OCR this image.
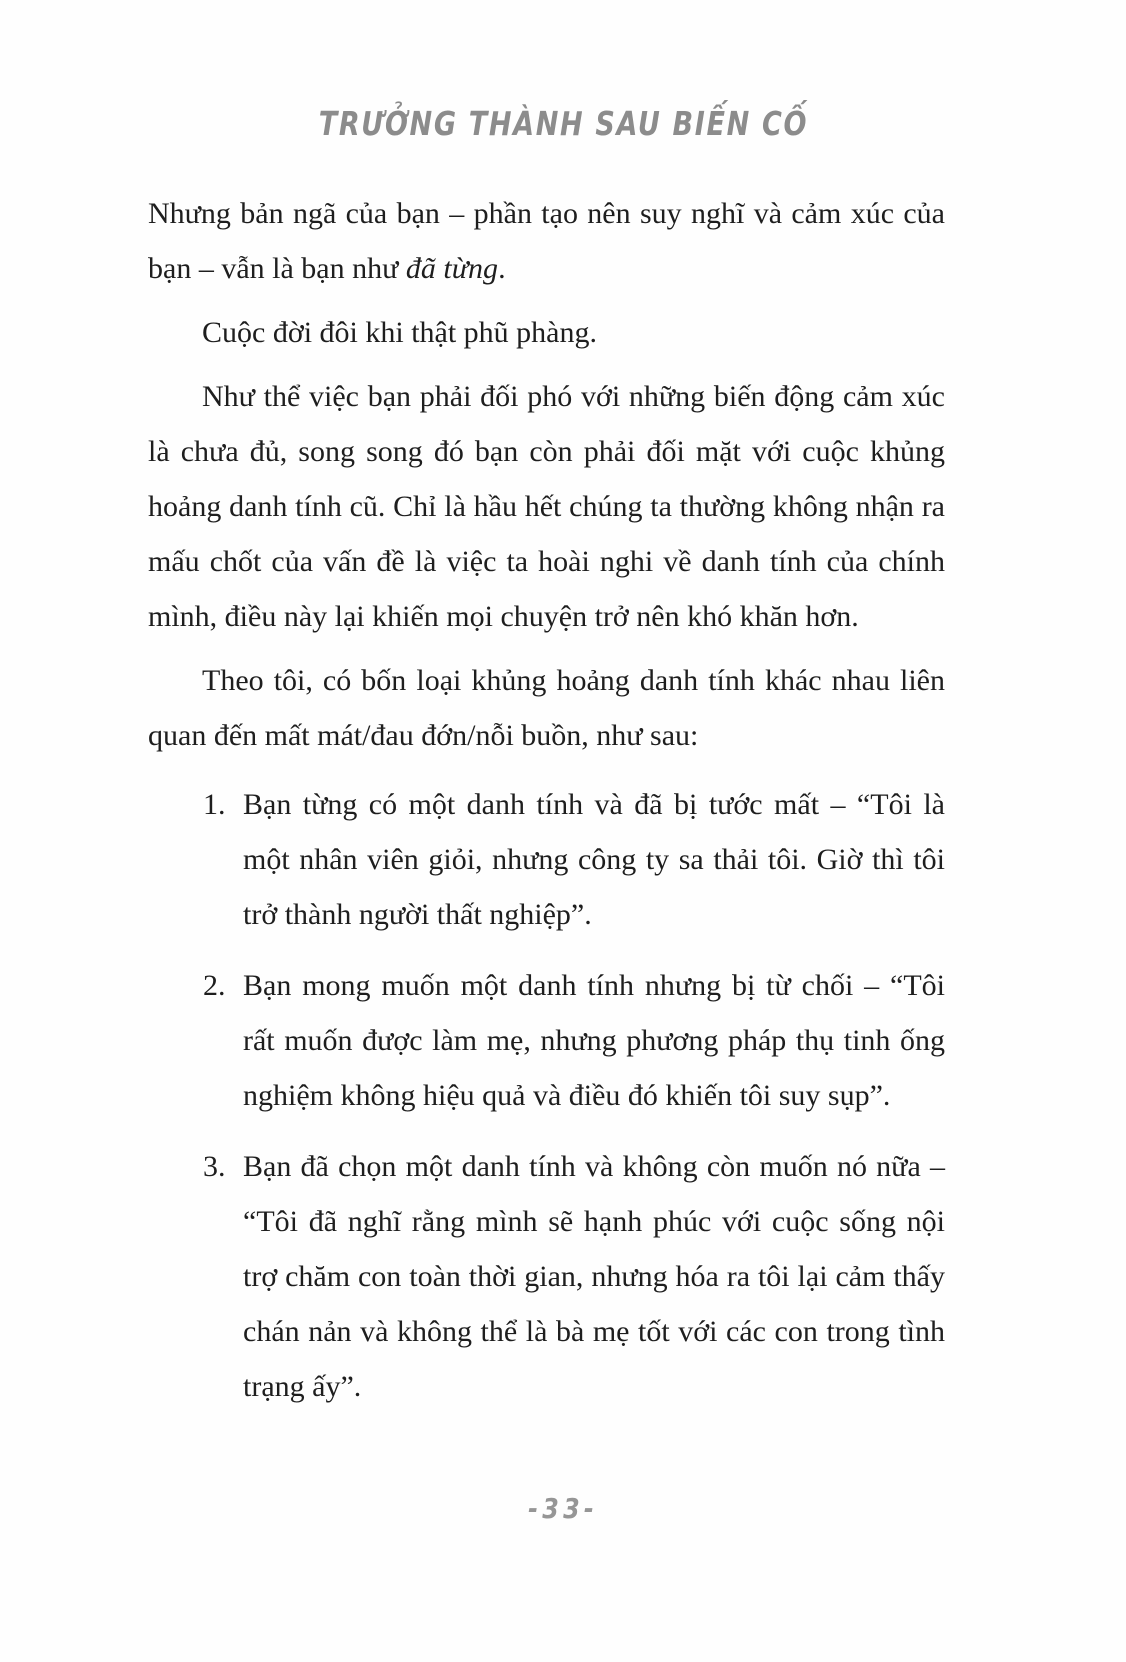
TRƯỞNG THÀNH SAU BIẾN CỐ

Nhưng bản ngã của bạn – phần tạo nên suy nghĩ và cảm xúc của bạn – vẫn là bạn như đã từng.

Cuộc đời đôi khi thật phũ phàng.

Như thể việc bạn phải đối phó với những biến động cảm xúc là chưa đủ, song song đó bạn còn phải đối mặt với cuộc khủng hoảng danh tính cũ. Chỉ là hầu hết chúng ta thường không nhận ra mấu chốt của vấn đề là việc ta hoài nghi về danh tính của chính mình, điều này lại khiến mọi chuyện trở nên khó khăn hơn.

Theo tôi, có bốn loại khủng hoảng danh tính khác nhau liên quan đến mất mát/đau đớn/nỗi buồn, như sau:

1. Bạn từng có một danh tính và đã bị tước mất – “Tôi là một nhân viên giỏi, nhưng công ty sa thải tôi. Giờ thì tôi trở thành người thất nghiệp”.
2. Bạn mong muốn một danh tính nhưng bị từ chối – “Tôi rất muốn được làm mẹ, nhưng phương pháp thụ tinh ống nghiệm không hiệu quả và điều đó khiến tôi suy sụp”.
3. Bạn đã chọn một danh tính và không còn muốn nó nữa – “Tôi đã nghĩ rằng mình sẽ hạnh phúc với cuộc sống nội trợ chăm con toàn thời gian, nhưng hóa ra tôi lại cảm thấy chán nản và không thể là bà mẹ tốt với các con trong tình trạng ấy”.
-33-
